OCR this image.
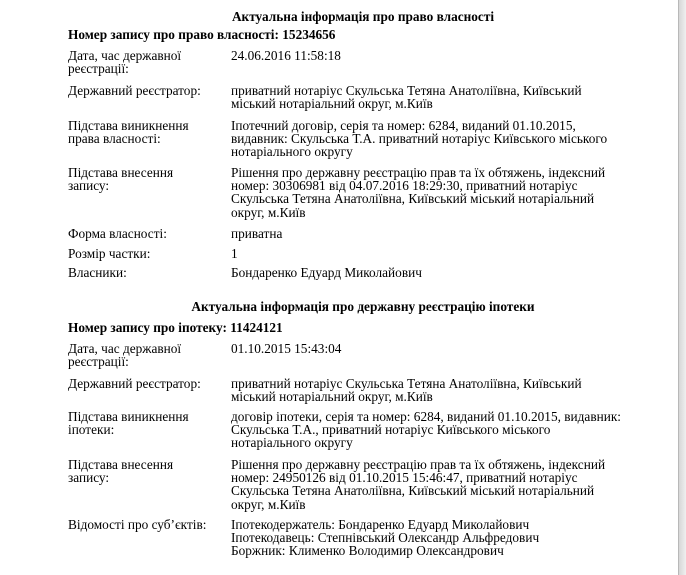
Актуальна інформація про право власності
Номер запису про право власності: 15234656
Дата, час державної
реєстрації:
24.06.2016 11:58:18
Державний реєстратор:	приватний нотаріус Скульська Тетяна Анатоліївна, Київський
міський нотаріальний округ, м.Київ
Підстава виникнення
права власності:
Іпотечний договір, серія та номер: 6284, виданий 01.10.2015,
видавник: Скульська Т.А. приватний нотаріус Київського міського
нотаріального округу
Підстава внесення
запису:
Рішення про державну реєстрацію прав та їх обтяжень, індексний
номер: 30306981 від 04.07.2016 18:29:30, приватний нотаріус
Скульська Тетяна Анатоліївна, Київський міський нотаріальний
округ, м.Київ
Форма власності:	приватна
Розмір частки:	1
Власники:	Бондаренко Едуард Миколайович
Актуальна інформація про державну реєстрацію іпотеки
Номер запису про іпотеку: 11424121
Дата, час державної
реєстрації:
01.10.2015 15:43:04
Державний реєстратор:	приватний нотаріус Скульська Тетяна Анатоліївна, Київський
міський нотаріальний округ, м.Київ
Підстава виникнення
іпотеки:
договір іпотеки, серія та номер: 6284, виданий 01.10.2015, видавник:
Скульська Т.А., приватний нотаріус Київського міського
нотаріального округу
Підстава внесення
запису:
Рішення про державну реєстрацію прав та їх обтяжень, індексний
номер: 24950126 від 01.10.2015 15:46:47, приватний нотаріус
Скульська Тетяна Анатоліївна, Київський міський нотаріальний
округ, м.Київ
Відомості про суб’єктів:	Іпотекодержатель: Бондаренко Едуард Миколайович
Іпотекодавець: Степнівський Олександр Альфредович
Боржник: Клименко Володимир Олександрович
